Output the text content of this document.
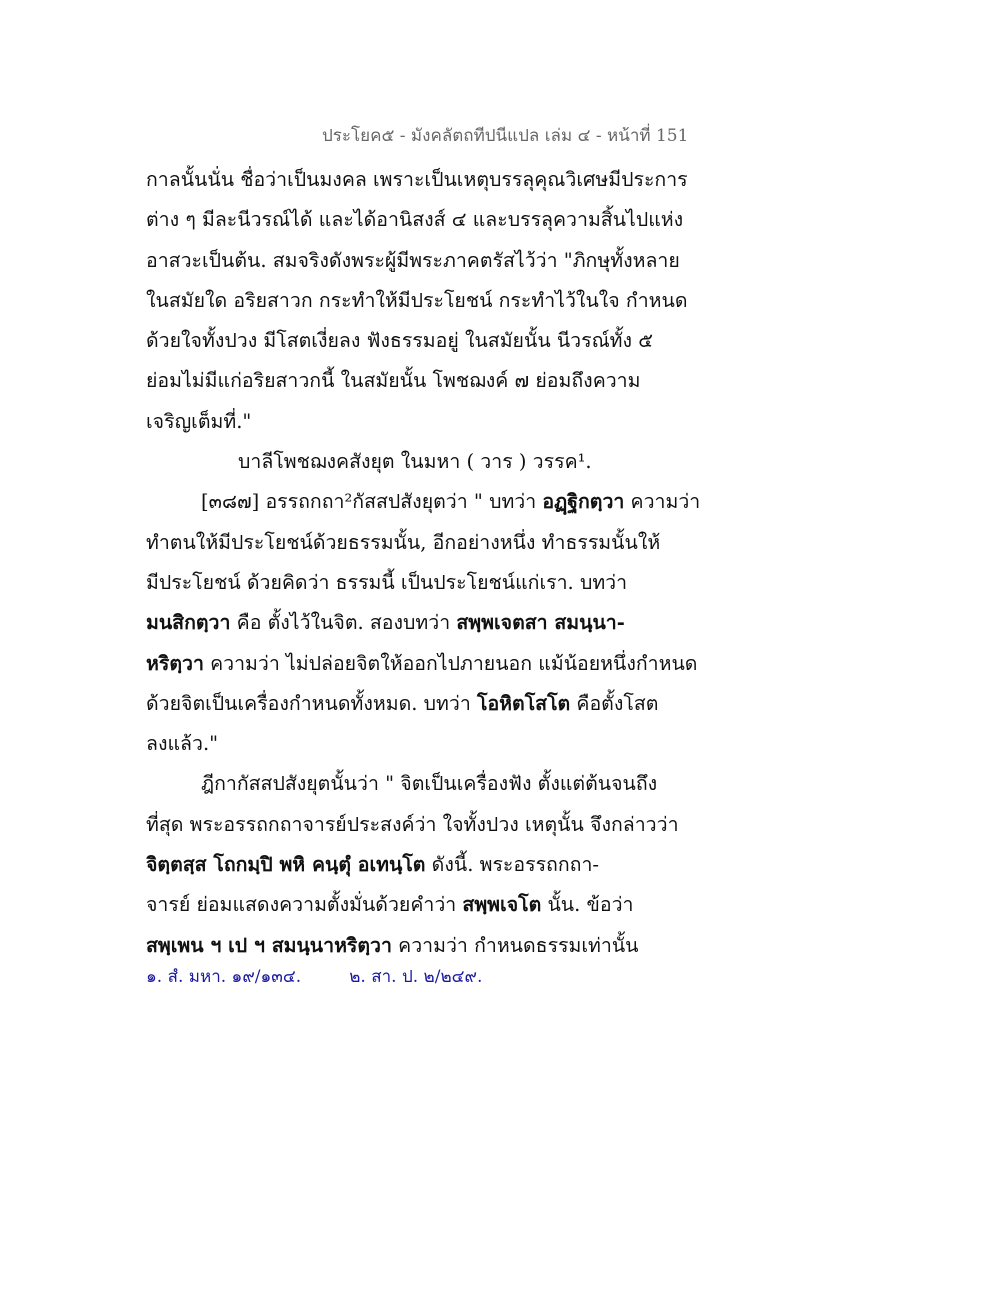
ประโยค๕ - มังคลัตถทีปนีแปล เล่ม ๔ - หน้าที่ 151
กาลนั้นนั่น ชื่อว่าเป็นมงคล เพราะเป็นเหตุบรรลุคุณวิเศษมีประการ
ต่าง ๆ มีละนีวรณ์ได้ และได้อานิสงส์ ๔ และบรรลุความสิ้นไปแห่ง
อาสวะเป็นต้น. สมจริงดังพระผู้มีพระภาคตรัสไว้ว่า "ภิกษุทั้งหลาย
ในสมัยใด อริยสาวก กระทำให้มีประโยชน์ กระทำไว้ในใจ กำหนด
ด้วยใจทั้งปวง มีโสตเงี่ยลง ฟังธรรมอยู่ ในสมัยนั้น นีวรณ์ทั้ง ๕
ย่อมไม่มีแก่อริยสาวกนี้ ในสมัยนั้น โพชฌงค์ ๗ ย่อมถึงความ
เจริญเต็มที่."
บาลีโพชฌงคสังยุต ในมหา ( วาร ) วรรค¹.
[๓๘๗] อรรถกถา²กัสสปสังยุตว่า " บทว่า อฏฺฐิกตฺวา ความว่า
ทำตนให้มีประโยชน์ด้วยธรรมนั้น, อีกอย่างหนึ่ง ทำธรรมนั้นให้
มีประโยชน์ ด้วยคิดว่า ธรรมนี้ เป็นประโยชน์แก่เรา. บทว่า
มนสิกตฺวา คือ ตั้งไว้ในจิต. สองบทว่า สพฺพเจตสา สมนฺนา-
หริตฺวา ความว่า ไม่ปล่อยจิตให้ออกไปภายนอก แม้น้อยหนึ่งกำหนด
ด้วยจิตเป็นเครื่องกำหนดทั้งหมด. บทว่า โอหิตโสโต คือตั้งโสต
ลงแล้ว."
ฎีกากัสสปสังยุตนั้นว่า " จิตเป็นเครื่องฟัง ตั้งแต่ต้นจนถึง
ที่สุด พระอรรถกถาจารย์ประสงค์ว่า ใจทั้งปวง เหตุนั้น จึงกล่าวว่า
จิตฺตสฺส โถกมฺปิ พหิ คนฺตุํ อเทนฺโต ดังนี้. พระอรรถกถา-
จารย์ ย่อมแสดงความตั้งมั่นด้วยคำว่า สพฺพเจโต นั้น. ข้อว่า
สพฺเพน ฯ เป ฯ สมนฺนาหริตฺวา ความว่า กำหนดธรรมเท่านั้น
๑. สํ. มหา. ๑๙/๑๓๔.	๒. สา. ป. ๒/๒๔๙.
